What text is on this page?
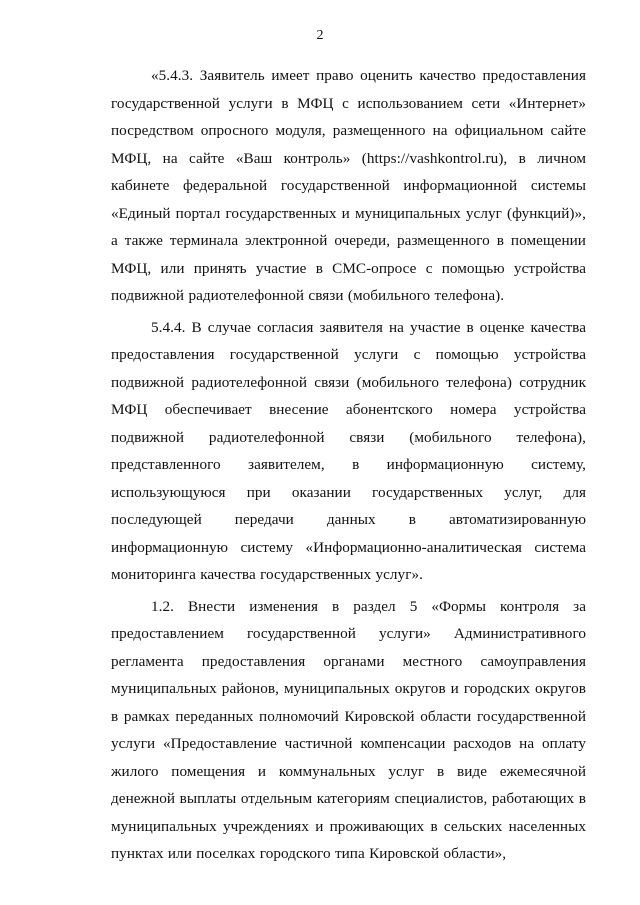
2

«5.4.3. Заявитель имеет право оценить качество предоставления государственной услуги в МФЦ с использованием сети «Интернет» посредством опросного модуля, размещенного на официальном сайте МФЦ, на сайте «Ваш контроль» (https://vashkontrol.ru), в личном кабинете федеральной государственной информационной системы «Единый портал государственных и муниципальных услуг (функций)», а также терминала электронной очереди, размещенного в помещении МФЦ, или принять участие в СМС-опросе с помощью устройства подвижной радиотелефонной связи (мобильного телефона).

5.4.4. В случае согласия заявителя на участие в оценке качества предоставления государственной услуги с помощью устройства подвижной радиотелефонной связи (мобильного телефона) сотрудник МФЦ обеспечивает внесение абонентского номера устройства подвижной радиотелефонной связи (мобильного телефона), представленного заявителем, в информационную систему, использующуюся при оказании государственных услуг, для последующей передачи данных в автоматизированную информационную систему «Информационно-аналитическая система мониторинга качества государственных услуг».

1.2. Внести изменения в раздел 5 «Формы контроля за предоставлением государственной услуги» Административного регламента предоставления органами местного самоуправления муниципальных районов, муниципальных округов и городских округов в рамках переданных полномочий Кировской области государственной услуги «Предоставление частичной компенсации расходов на оплату жилого помещения и коммунальных услуг в виде ежемесячной денежной выплаты отдельным категориям специалистов, работающих в муниципальных учреждениях и проживающих в сельских населенных пунктах или поселках городского типа Кировской области»,
